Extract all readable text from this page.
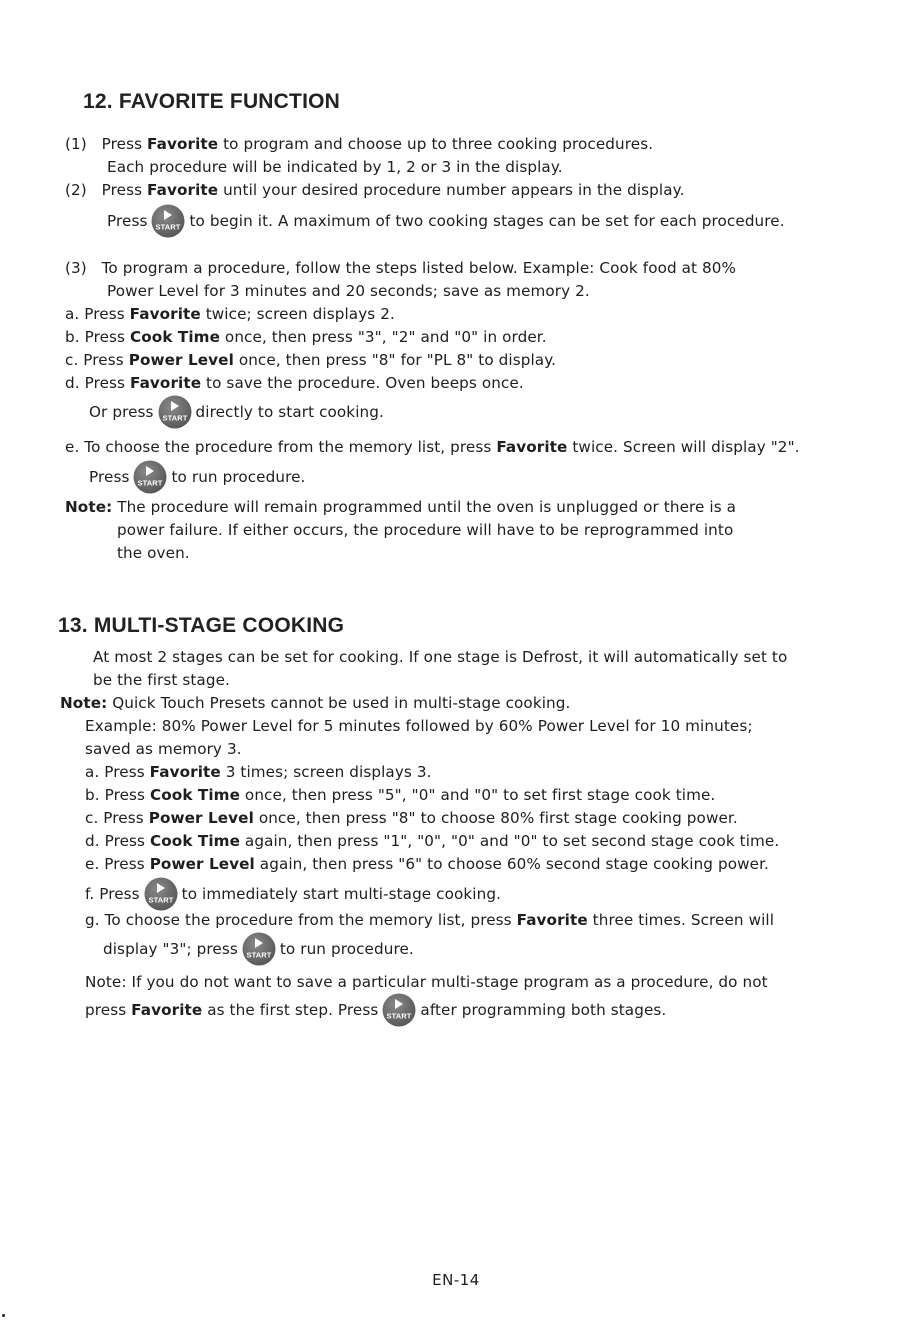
12. FAVORITE FUNCTION
(1) Press Favorite to program and choose up to three cooking procedures.
Each procedure will be indicated by 1, 2 or 3 in the display.
(2) Press Favorite until your desired procedure number appears in the display.
Press START to begin it. A maximum of two cooking stages can be set for each procedure.
(3) To program a procedure, follow the steps listed below. Example: Cook food at 80%
Power Level for 3 minutes and 20 seconds; save as memory 2.
a. Press Favorite twice; screen displays 2.
b. Press Cook Time once, then press "3", "2" and "0" in order.
c. Press Power Level once, then press "8" for "PL 8" to display.
d. Press Favorite to save the procedure. Oven beeps once.
Or press START directly to start cooking.
e. To choose the procedure from the memory list, press Favorite twice. Screen will display "2".
Press START to run procedure.
Note: The procedure will remain programmed until the oven is unplugged or there is a
power failure. If either occurs, the procedure will have to be reprogrammed into
the oven.
13. MULTI-STAGE COOKING
At most 2 stages can be set for cooking. If one stage is Defrost, it will automatically set to
be the first stage.
Note: Quick Touch Presets cannot be used in multi-stage cooking.
Example: 80% Power Level for 5 minutes followed by 60% Power Level for 10 minutes;
saved as memory 3.
a. Press Favorite 3 times; screen displays 3.
b. Press Cook Time once, then press "5", "0" and "0" to set first stage cook time.
c. Press Power Level once, then press "8" to choose 80% first stage cooking power.
d. Press Cook Time again, then press "1", "0", "0" and "0" to set second stage cook time.
e. Press Power Level again, then press "6" to choose 60% second stage cooking power.
f. Press START to immediately start multi-stage cooking.
g. To choose the procedure from the memory list, press Favorite three times. Screen will
display "3"; press START to run procedure.
Note: If you do not want to save a particular multi-stage program as a procedure, do not
press Favorite as the first step. Press START after programming both stages.
EN-14
